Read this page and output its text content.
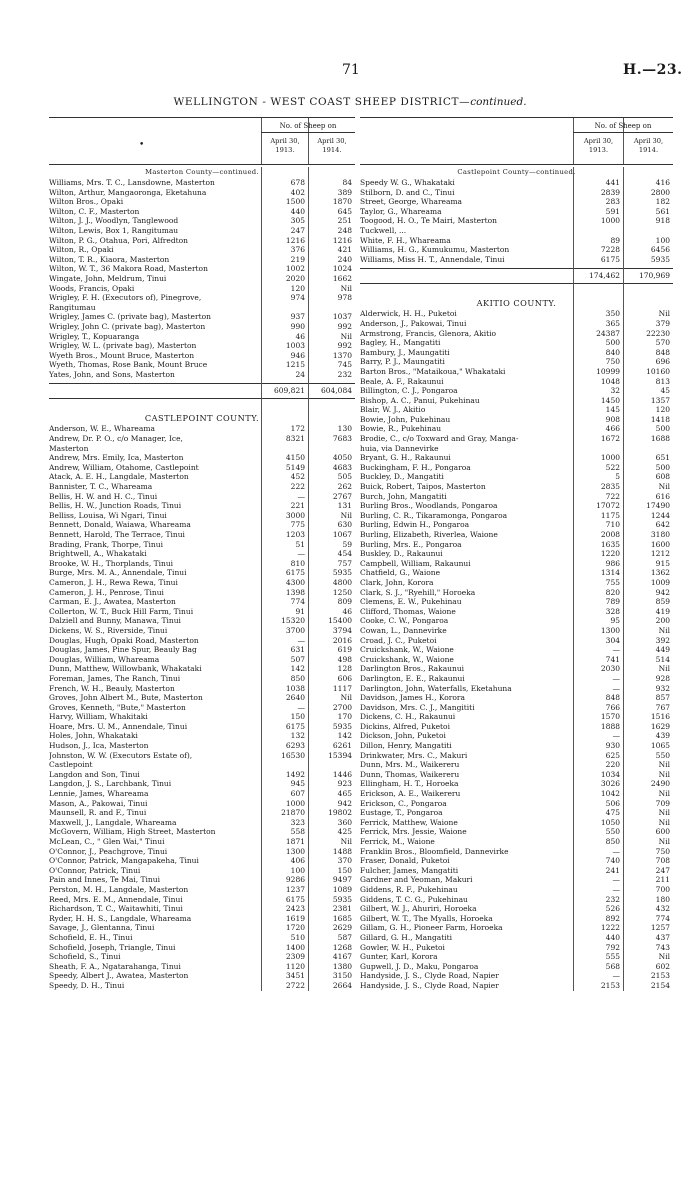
71	H.—23.
WELLINGTON - WEST COAST SHEEP DISTRICT—continued.
•
No. of Sheep on
April 30, 1913.
April 30, 1914.
Masterton County—continued.
Williams, Mrs. T. C., Lansdowne, Masterton	678	84
Wilton, Arthur, Mangaoronga, Eketahuna	402	389
Wilton Bros., Opaki	1500	1870
Wilton, C. F., Masterton	440	645
Wilton, J. J., Woodlyn, Tanglewood	305	251
Wilton, Lewis, Box 1, Rangitumau	247	248
Wilton, P. G., Otahua, Pori, Alfredton	1216	1216
Wilton, R., Opaki	376	421
Wilton, T. R., Kiaora, Masterton	219	240
Wilton, W. T., 36 Makora Road, Masterton	1002	1024
Wingate, John, Meldrum, Tinui	2020	1662
Woods, Francis, Opaki	120	Nil
Wrigley, F. H. (Executors of), Pinegrove,	974	978
Rangitumau
Wrigley, James C. (private bag), Masterton	937	1037
Wrigley, John C. (private bag), Masterton	990	992
Wrigley, T., Kopuaranga	46	Nil
Wrigley, W. L. (private bag), Masterton	1003	992
Wyeth Bros., Mount Bruce, Masterton	946	1370
Wyeth, Thomas, Rose Bank, Mount Bruce	1215	745
Yates, John, and Sons, Masterton	24	232
609,821	604,084
CASTLEPOINT COUNTY.
Anderson, W. E., Whareama	172	130
Andrew, Dr. P. O., c/o Manager, Ice,	8321	7683
Masterton
Andrew, Mrs. Emily, Ica, Masterton	4150	4050
Andrew, William, Otahome, Castlepoint	5149	4683
Atack, A. E. H., Langdale, Masterton	452	505
Bannister, T. C., Whareama	222	262
Bellis, H. W. and H. C., Tinui	—	2767
Bellis, H. W., Junction Roads, Tinui	221	131
Belliss, Louisa, Wi Ngari, Tinui	3000	Nil
Bennett, Donald, Waiawa, Whareama	775	630
Bennett, Harold, The Terrace, Tinui	1203	1067
Brading, Frank, Thorpe, Tinui	51	59
Brightwell, A., Whakataki	—	454
Brooke, W. H., Thorplands, Tinui	810	757
Burge, Mrs. M. A., Annendale, Tinui	6175	5935
Cameron, J. H., Rewa Rewa, Tinui	4300	4800
Cameron, J. H., Penrose, Tinui	1398	1250
Carman, E. J., Awatea, Masterton	774	809
Collerton, W. T., Buck Hill Farm, Tinui	91	46
Dalziell and Bunny, Manawa, Tinui	15320	15400
Dickens, W. S., Riverside, Tinui	3700	3794
Douglas, Hugh, Opaki Road, Masterton	—	2016
Douglas, James, Pine Spur, Beauly Bag	631	619
Douglas, William, Whareama	507	498
Dunn, Matthew, Willowbank, Whakataki	142	128
Foreman, James, The Ranch, Tinui	850	606
French, W. H., Beauly, Masterton	1038	1117
Groves, John Albert M., Bute, Masterton	2640	Nil
Groves, Kenneth, "Bute," Masterton	—	2700
Harvy, William, Whakitaki	150	170
Hoare, Mrs. U. M., Annendale, Tinui	6175	5935
Holes, John, Whakataki	132	142
Hudson, J., Ica, Masterton	6293	6261
Johnston, W. W. (Executors Estate of),	16530	15394
Castlepoint
Langdon and Son, Tinui	1492	1446
Langdon, J. S., Larchbank, Tinui	945	923
Lennie, James, Whareama	607	465
Mason, A., Pakowai, Tinui	1000	942
Maunsell, R. and F., Tinui	21870	19802
Maxwell, J., Langdale, Whareama	323	360
McGovern, William, High Street, Masterton	558	425
McLean, C., " Glen Wai," Tinui	1871	Nil
O'Connor, J., Peachgrove, Tinui	1300	1488
O'Connor, Patrick, Mangapakeha, Tinui	406	370
O'Connor, Patrick, Tinui	100	150
Pain and Innes, Te Mai, Tinui	9286	9497
Perston, M. H., Langdale, Masterton	1237	1089
Reed, Mrs. E. M., Annendale, Tinui	6175	5935
Richardson, T. C., Waitawhiti, Tinui	2423	2381
Ryder, H. H. S., Langdale, Whareama	1619	1685
Savage, J., Glentanna, Tinui	1720	2629
Schofield, E. H., Tinui	510	587
Schofield, Joseph, Triangle, Tinui	1400	1268
Schofield, S., Tinui	2309	4167
Sheath, F. A., Ngatarahanga, Tinui	1120	1380
Speedy, Albert J., Awatea, Masterton	3451	3150
Speedy, D. H., Tinui	2722	2664
No. of Sheep on
April 30, 1913.
April 30, 1914.
Castlepoint County—continued.
Speedy W. G., Whakataki	441	416
Stilborn, D. and C., Tinui	2839	2800
Street, George, Whareama	283	182
Taylor, G., Whareama	591	561
Toogood, H. O., Te Mairi, Masterton	1000	918
Tuckwell, ...
White, F. H., Whareama	89	100
Williams, H. G., Kumukumu, Masterton	7228	6456
Williams, Miss H. T., Annendale, Tinui	6175	5935
174,462	170,969
AKITIO COUNTY.
Alderwick, H. H., Puketoi	350	Nil
Anderson, J., Pakowai, Tinui	365	379
Armstrong, Francis, Glenora, Akitio	24387	22230
Bagley, H., Mangatiti	500	570
Bambury, J., Maungatiti	840	848
Barry, P. J., Maungatiti	750	696
Barton Bros., "Mataikoua," Whakataki	10999	10160
Beale, A. F., Rakaunui	1048	813
Billington, C. J., Pongaroa	32	45
Bishop, A. C., Panui, Pukehinau	1450	1357
Blair, W. J., Akitio	145	120
Bowie, John, Pukehinau	908	1418
Bowie, R., Pukehinau	466	500
Brodie, C., c/o Toxward and Gray, Manga-	1672	1688
huia, via Dannevirke
Bryant, G. H., Rakaunui	1000	651
Buckingham, F. H., Pongaroa	522	500
Buckley, D., Mangatiti	5	608
Buick, Robert, Taipos, Masterton	2835	Nil
Burch, John, Mangatiti	722	616
Burling Bros., Woodlands, Pongaroa	17072	17490
Burling, C. R., Tikaramonga, Pongaroa	1175	1244
Burling, Edwin H., Pongaroa	710	642
Burling, Elizabeth, Riverlea, Waione	2008	3180
Burling, Mrs. E., Pongaroa	1635	1600
Buskley, D., Rakaunui	1220	1212
Campbell, William, Rakaunui	986	915
Chatfield, G., Waione	1314	1362
Clark, John, Korora	755	1009
Clark, S. J., "Ryehill," Horoeka	820	942
Clemens, E. W., Pukehinau	789	859
Clifford, Thomas, Waione	328	419
Cooke, C. W., Pongaroa	95	200
Cowan, L., Dannevirke	1300	Nil
Croad, J. C., Puketoi	304	392
Cruickshank, W., Waione	—	449
Cruickshank, W., Waione	741	514
Darlington Bros., Rakaunui	2030	Nil
Darlington, E. E., Rakaunui	—	928
Darlington, John, Waterfalls, Eketahuna	—	932
Davidson, James H., Korora	848	857
Davidson, Mrs. C. J., Mangititi	766	767
Dickens, C. H., Rakaunui	1570	1516
Dickins, Alfred, Puketoi	1888	1629
Dickson, John, Puketoi	—	439
Dillon, Henry, Mangatiti	930	1065
Drinkwater, Mrs. C., Makuri	625	550
Dunn, Mrs. M., Waikereru	220	Nil
Dunn, Thomas, Waikereru	1034	Nil
Ellingham, H. T., Horoeka	3026	2490
Erickson, A. E., Waikereru	1042	Nil
Erickson, C., Pongaroa	506	709
Eustage, T., Pongaroa	475	Nil
Ferrick, Matthew, Waione	1050	Nil
Ferrick, Mrs. Jessie, Waione	550	600
Ferrick, M., Waione	850	Nil
Franklin Bros., Bloomfield, Dannevirke	—	750
Fraser, Donald, Puketoi	740	708
Fulcher, James, Mangatiti	241	247
Gardner and Yeoman, Makuri	—	211
Giddens, R. F., Pukehinau	—	700
Giddens, T. C. G., Pukehinau	232	180
Gilbert, W. J., Ahuriri, Horoeka	526	432
Gilbert, W. T., The Myalls, Horoeka	892	774
Gillam, G. H., Pioneer Farm, Horoeka	1222	1257
Gillard, G. H., Mangatiti	440	437
Gowler, W. H., Puketoi	792	743
Gunter, Karl, Korora	555	Nil
Gupwell, J. D., Maku, Pongaroa	568	602
Handyside, J. S., Clyde Road, Napier	—	2153
Handyside, J. S., Clyde Road, Napier	2153	2154
